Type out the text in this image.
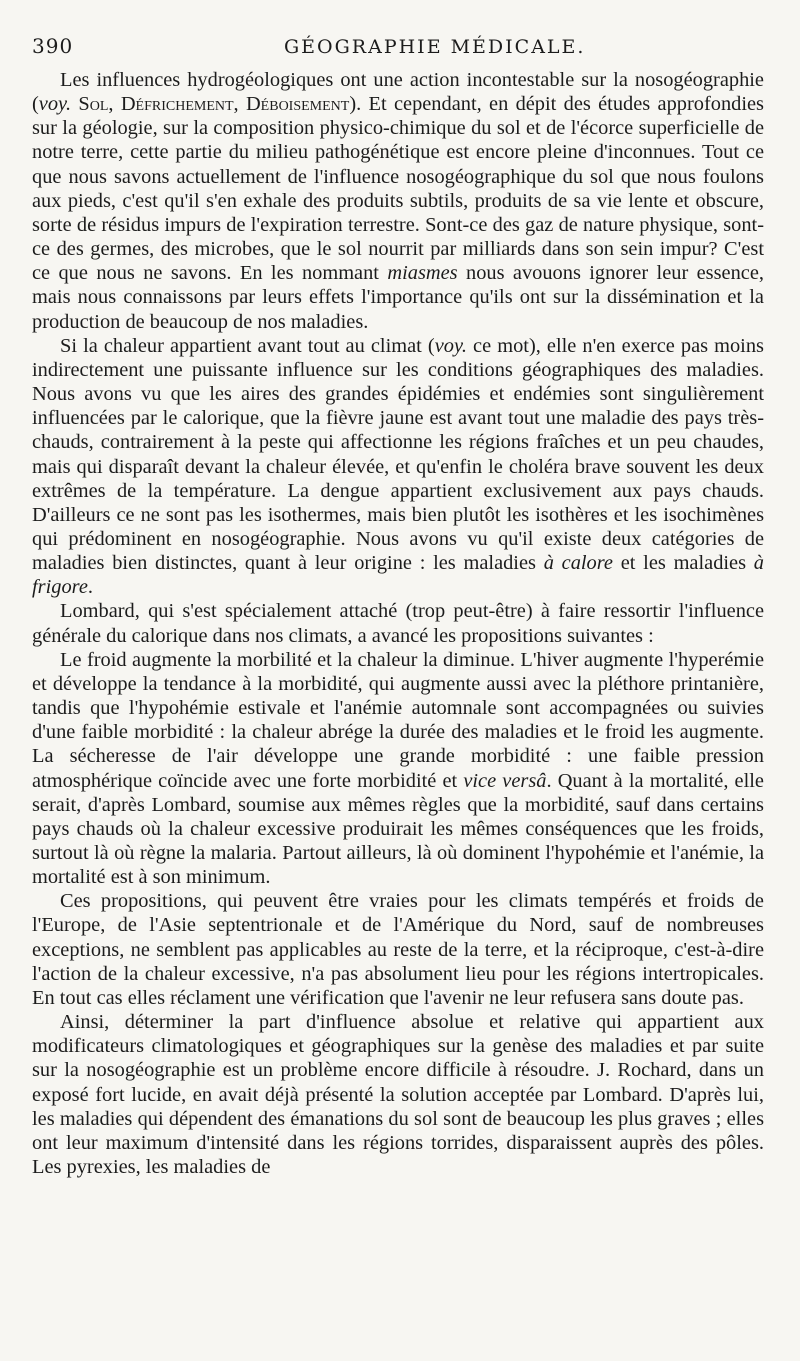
390	GÉOGRAPHIE MÉDICALE.

Les influences hydrogéologiques ont une action incontestable sur la nosogéographie (voy. Sol, Défrichement, Déboisement). Et cependant, en dépit des études approfondies sur la géologie, sur la composition physico-chimique du sol et de l'écorce superficielle de notre terre, cette partie du milieu pathogénétique est encore pleine d'inconnues. Tout ce que nous savons actuellement de l'influence nosogéographique du sol que nous foulons aux pieds, c'est qu'il s'en exhale des produits subtils, produits de sa vie lente et obscure, sorte de résidus impurs de l'expiration terrestre. Sont-ce des gaz de nature physique, sont-ce des germes, des microbes, que le sol nourrit par milliards dans son sein impur? C'est ce que nous ne savons. En les nommant miasmes nous avouons ignorer leur essence, mais nous connaissons par leurs effets l'importance qu'ils ont sur la dissémination et la production de beaucoup de nos maladies.

Si la chaleur appartient avant tout au climat (voy. ce mot), elle n'en exerce pas moins indirectement une puissante influence sur les conditions géographiques des maladies. Nous avons vu que les aires des grandes épidémies et endémies sont singulièrement influencées par le calorique, que la fièvre jaune est avant tout une maladie des pays très-chauds, contrairement à la peste qui affectionne les régions fraîches et un peu chaudes, mais qui disparaît devant la chaleur élevée, et qu'enfin le choléra brave souvent les deux extrêmes de la température. La dengue appartient exclusivement aux pays chauds. D'ailleurs ce ne sont pas les isothermes, mais bien plutôt les isothères et les isochimènes qui prédominent en nosogéographie. Nous avons vu qu'il existe deux catégories de maladies bien distinctes, quant à leur origine : les maladies à calore et les maladies à frigore.

Lombard, qui s'est spécialement attaché (trop peut-être) à faire ressortir l'influence générale du calorique dans nos climats, a avancé les propositions suivantes :

Le froid augmente la morbilité et la chaleur la diminue. L'hiver augmente l'hyperémie et développe la tendance à la morbidité, qui augmente aussi avec la pléthore printanière, tandis que l'hypohémie estivale et l'anémie automnale sont accompagnées ou suivies d'une faible morbidité : la chaleur abrége la durée des maladies et le froid les augmente. La sécheresse de l'air développe une grande morbidité : une faible pression atmosphérique coïncide avec une forte morbidité et vice versâ. Quant à la mortalité, elle serait, d'après Lombard, soumise aux mêmes règles que la morbidité, sauf dans certains pays chauds où la chaleur excessive produirait les mêmes conséquences que les froids, surtout là où règne la malaria. Partout ailleurs, là où dominent l'hypohémie et l'anémie, la mortalité est à son minimum.

Ces propositions, qui peuvent être vraies pour les climats tempérés et froids de l'Europe, de l'Asie septentrionale et de l'Amérique du Nord, sauf de nombreuses exceptions, ne semblent pas applicables au reste de la terre, et la réciproque, c'est-à-dire l'action de la chaleur excessive, n'a pas absolument lieu pour les régions intertropicales. En tout cas elles réclament une vérification que l'avenir ne leur refusera sans doute pas.

Ainsi, déterminer la part d'influence absolue et relative qui appartient aux modificateurs climatologiques et géographiques sur la genèse des maladies et par suite sur la nosogéographie est un problème encore difficile à résoudre. J. Rochard, dans un exposé fort lucide, en avait déjà présenté la solution acceptée par Lombard. D'après lui, les maladies qui dépendent des émanations du sol sont de beaucoup les plus graves ; elles ont leur maximum d'intensité dans les régions torrides, disparaissent auprès des pôles. Les pyrexies, les maladies de
